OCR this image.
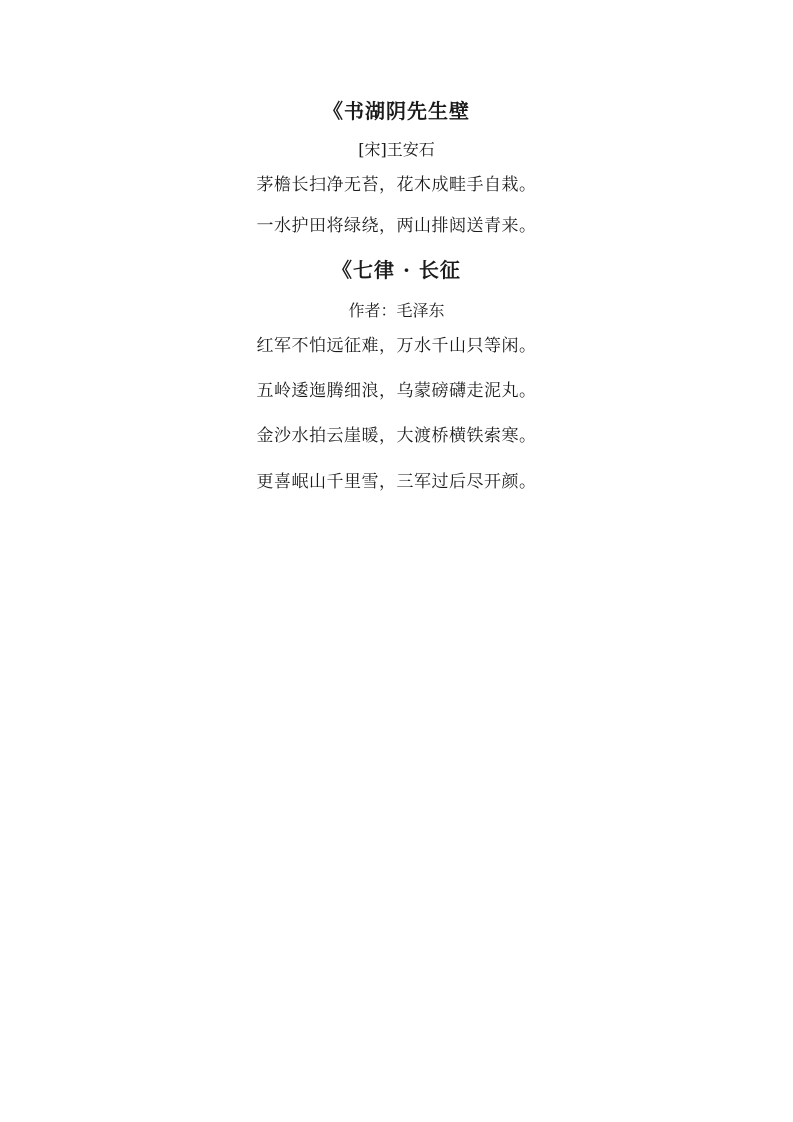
《书湖阴先生壁
[宋]王安石

茅檐长扫净无苔，花木成畦手自栽。

一水护田将绿绕，两山排闼送青来。

《七律 · 长征
作者：毛泽东

红军不怕远征难，万水千山只等闲。

五岭逶迤腾细浪，乌蒙磅礴走泥丸。

金沙水拍云崖暖，大渡桥横铁索寒。

更喜岷山千里雪，三军过后尽开颜。
